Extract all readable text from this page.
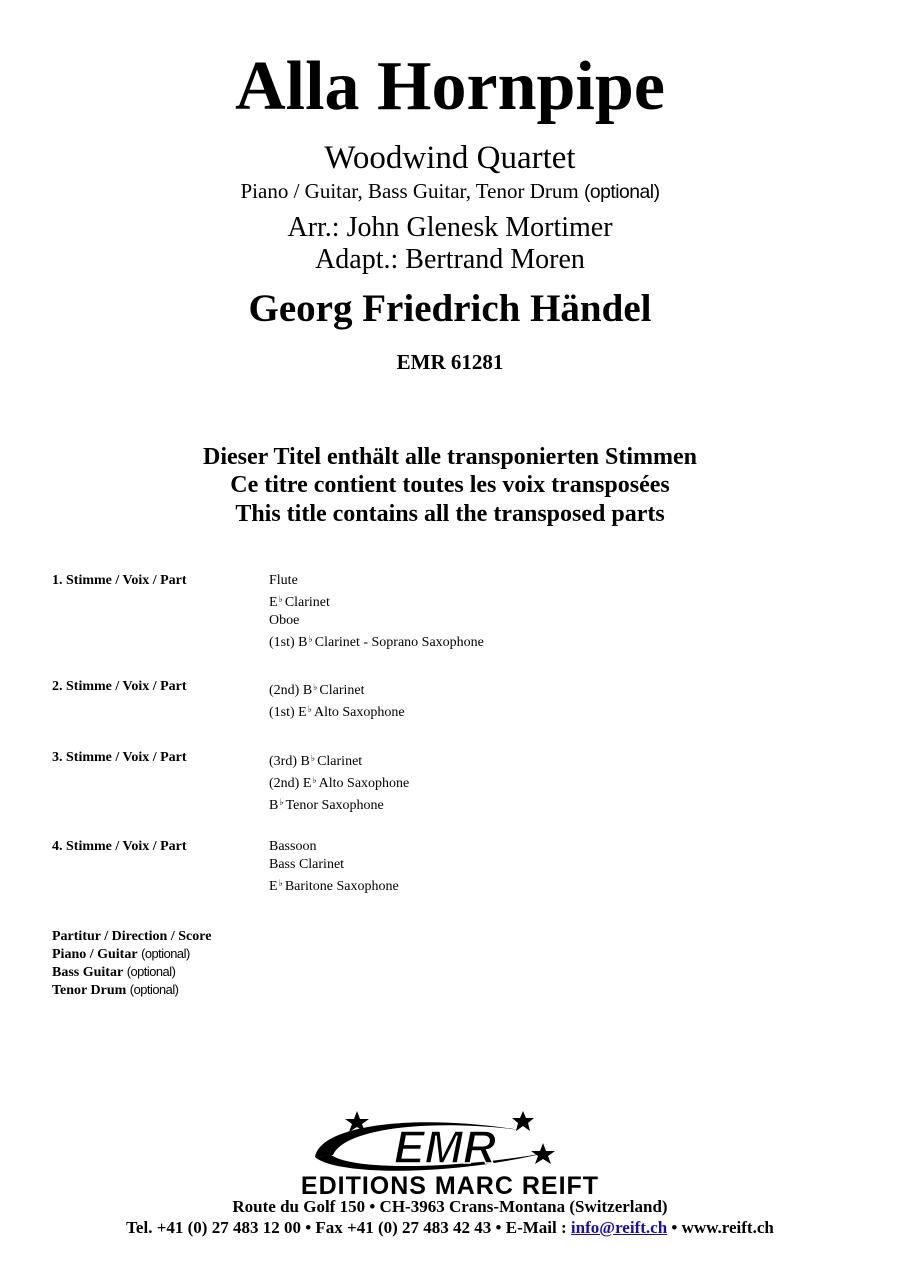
Alla Hornpipe
Woodwind Quartet
Piano / Guitar, Bass Guitar, Tenor Drum (optional)
Arr.: John Glenesk Mortimer
Adapt.: Bertrand Moren
Georg Friedrich Händel
EMR 61281
Dieser Titel enthält alle transponierten Stimmen
Ce titre contient toutes les voix transposées
This title contains all the transposed parts
1. Stimme / Voix / Part	Flute
E♭ Clarinet
Oboe
(1st) B♭ Clarinet - Soprano Saxophone
2. Stimme / Voix / Part	(2nd) B♭ Clarinet
(1st) E♭ Alto Saxophone
3. Stimme / Voix / Part	(3rd) B♭ Clarinet
(2nd) E♭ Alto Saxophone
B♭ Tenor Saxophone
4. Stimme / Voix / Part	Bassoon
Bass Clarinet
E♭ Baritone Saxophone
Partitur / Direction / Score
Piano / Guitar (optional)
Bass Guitar (optional)
Tenor Drum (optional)
EMR
EDITIONS MARC REIFT
Route du Golf 150 • CH-3963 Crans-Montana (Switzerland)
Tel. +41 (0) 27 483 12 00 • Fax +41 (0) 27 483 42 43 • E-Mail : info@reift.ch • www.reift.ch
